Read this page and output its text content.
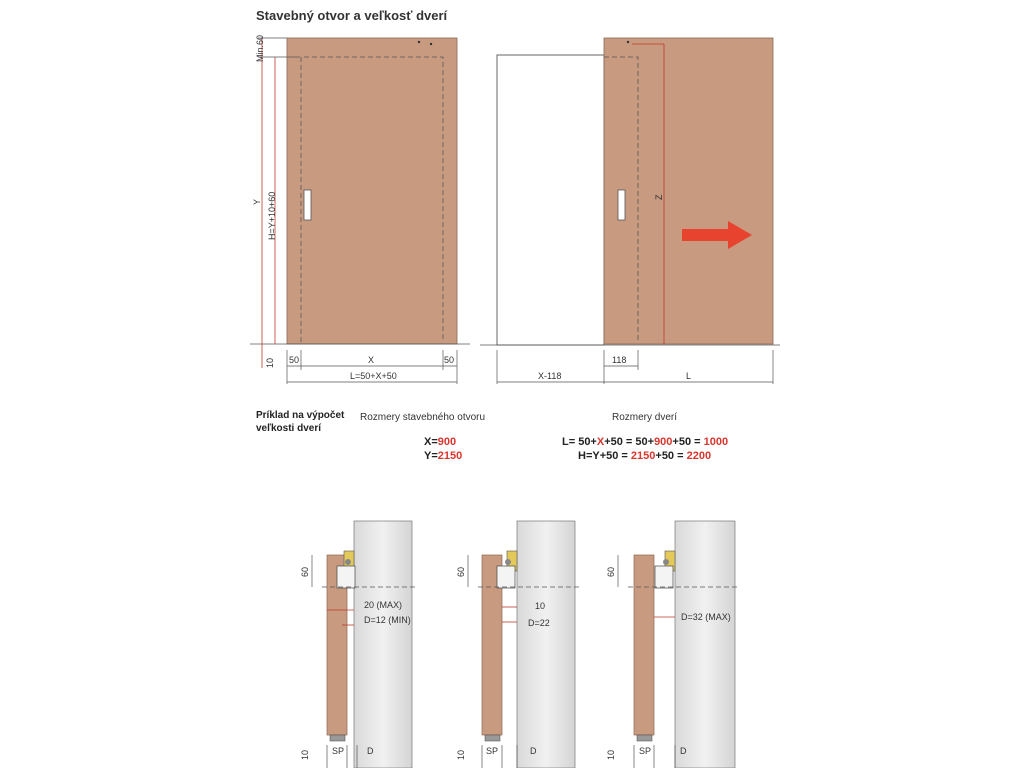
Stavebný otvor a veľkosť dverí
Min.60
Y H=Y+10+60
10 50	X	50
L=50+X+50
Z
X-118
118
L
Príklad na výpočet
veľkosti dverí
Rozmery stavebného otvoru	Rozmery dverí
X=900
Y=2150
L= 50+X+50 = 50+900+50 = 1000
H=Y+50 = 2150+50 = 2200
60
20 (MAX)
D=12 (MIN)
10 SP	D
60
10
D=22
10 SP	D
60
D=32 (MAX)
10	SP	D
